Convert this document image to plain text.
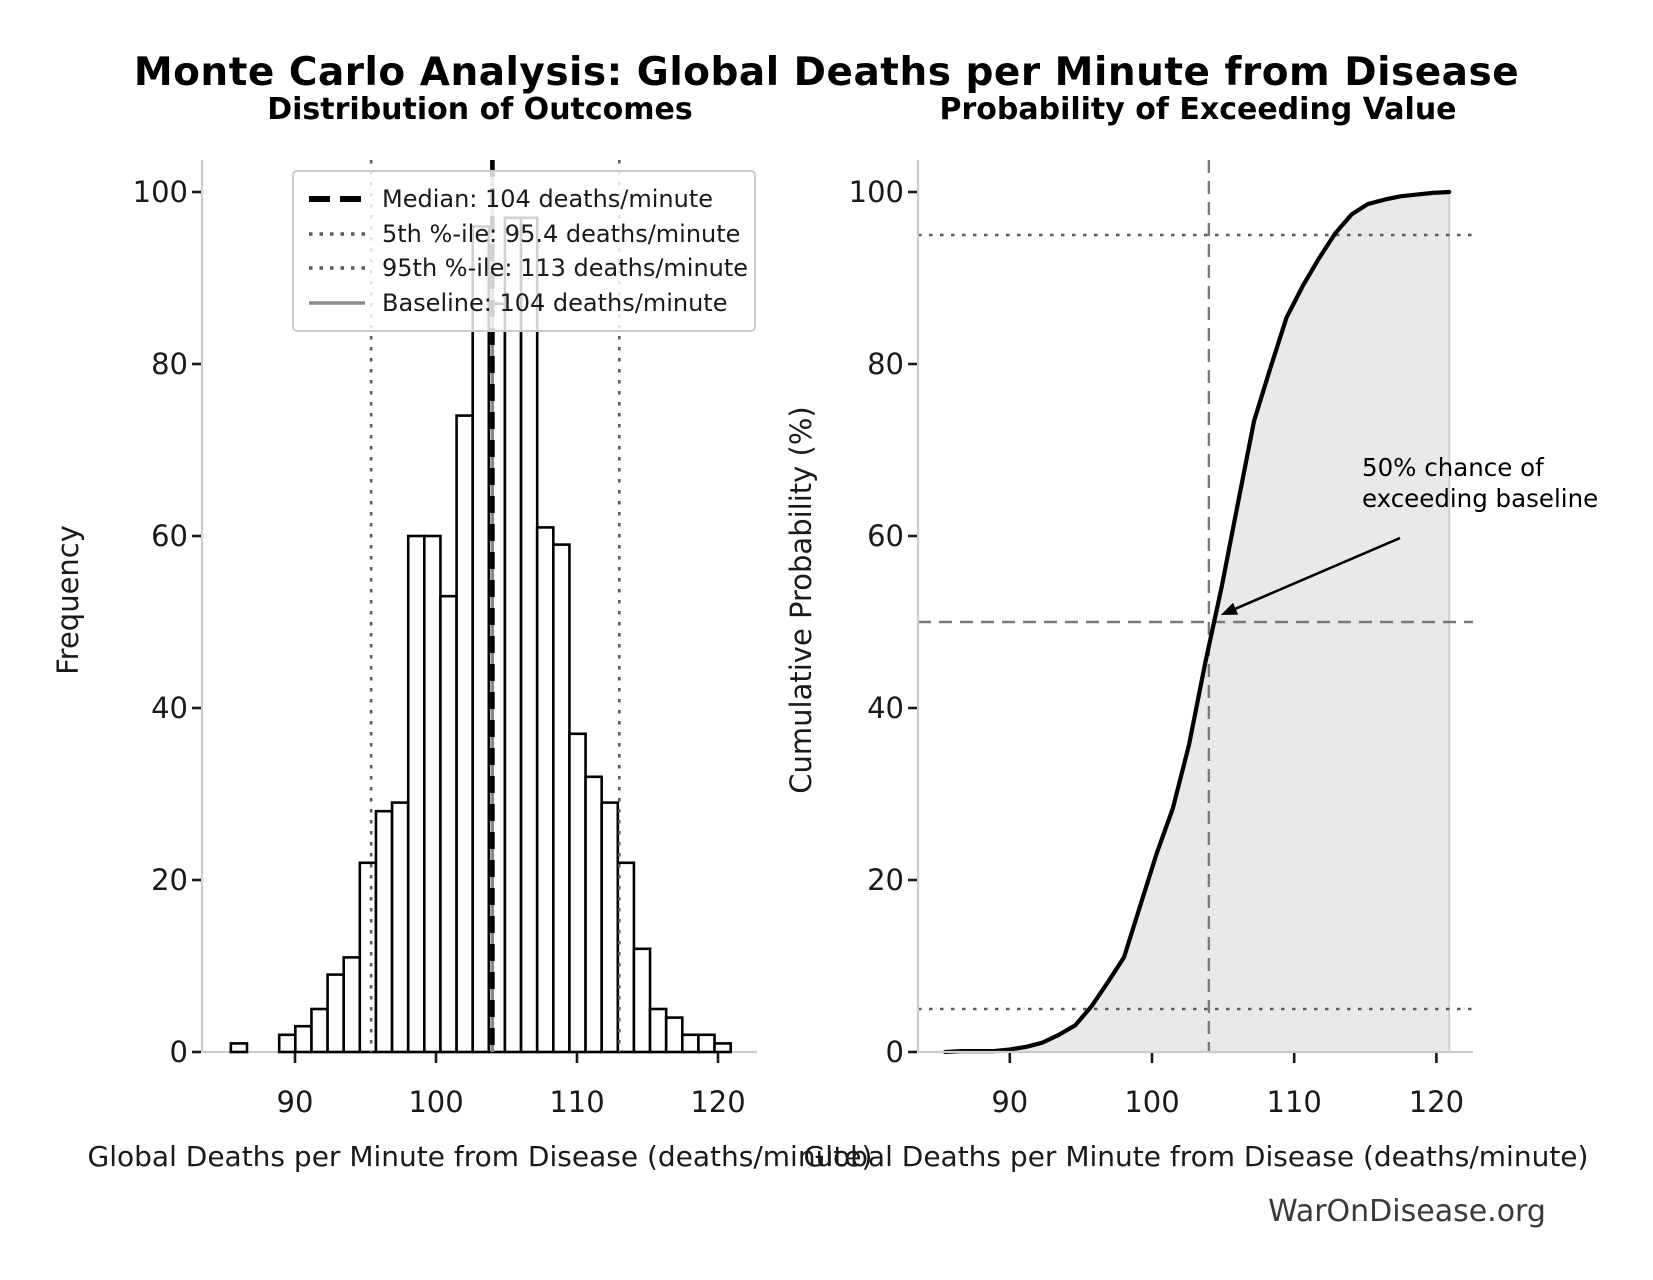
Monte Carlo Analysis: Global Deaths per Minute from Disease
Distribution of Outcomes	Probability of Exceeding Value
90	100	110	120
0
20
40
60
80
100
90	100	110	120
0
20
40
60
80
100
Median: 104 deaths/minute
5th %-ile: 95.4 deaths/minute
95th %-ile: 113 deaths/minute
Baseline: 104 deaths/minute
Frequency	Cumulative Probability (%)
Global Deaths per Minute from Disease (deaths/minute)
Global Deaths per Minute from Disease (deaths/minute)
50% chance of
exceeding baseline
WarOnDisease.org
